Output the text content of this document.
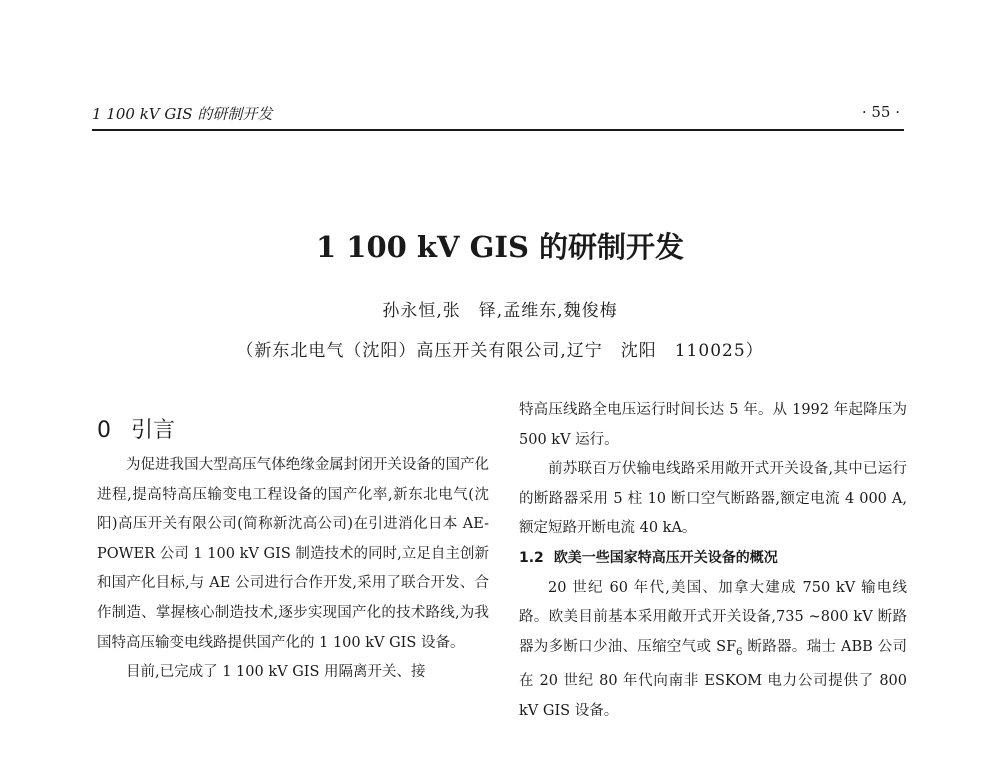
1 100 kV GIS 的研制开发	· 55 ·
1 100 kV GIS 的研制开发
孙永恒,张　铎,孟维东,魏俊梅
（新东北电气（沈阳）高压开关有限公司,辽宁　沈阳　110025）
0 引言

为促进我国大型高压气体绝缘金属封闭开关设备的国产化进程,提高特高压输变电工程设备的国产化率,新东北电气(沈阳)高压开关有限公司(简称新沈高公司)在引进消化日本 AE-POWER 公司 1 100 kV GIS 制造技术的同时,立足自主创新和国产化目标,与 AE 公司进行合作开发,采用了联合开发、合作制造、掌握核心制造技术,逐步实现国产化的技术路线,为我国特高压输变电线路提供国产化的 1 100 kV GIS 设备。

目前,已完成了 1 100 kV GIS 用隔离开关、接

特高压线路全电压运行时间长达 5 年。从 1992 年起降压为 500 kV 运行。

前苏联百万伏输电线路采用敞开式开关设备,其中已运行的断路器采用 5 柱 10 断口空气断路器,额定电流 4 000 A,额定短路开断电流 40 kA。

1.2 欧美一些国家特高压开关设备的概况

20 世纪 60 年代,美国、加拿大建成 750 kV 输电线路。欧美目前基本采用敞开式开关设备,735 ~800 kV 断路器为多断口少油、压缩空气或 $SF_6$ 断路器。瑞士 ABB 公司在 20 世纪 80 年代向南非 ESKOM 电力公司提供了 800 kV GIS 设备。
